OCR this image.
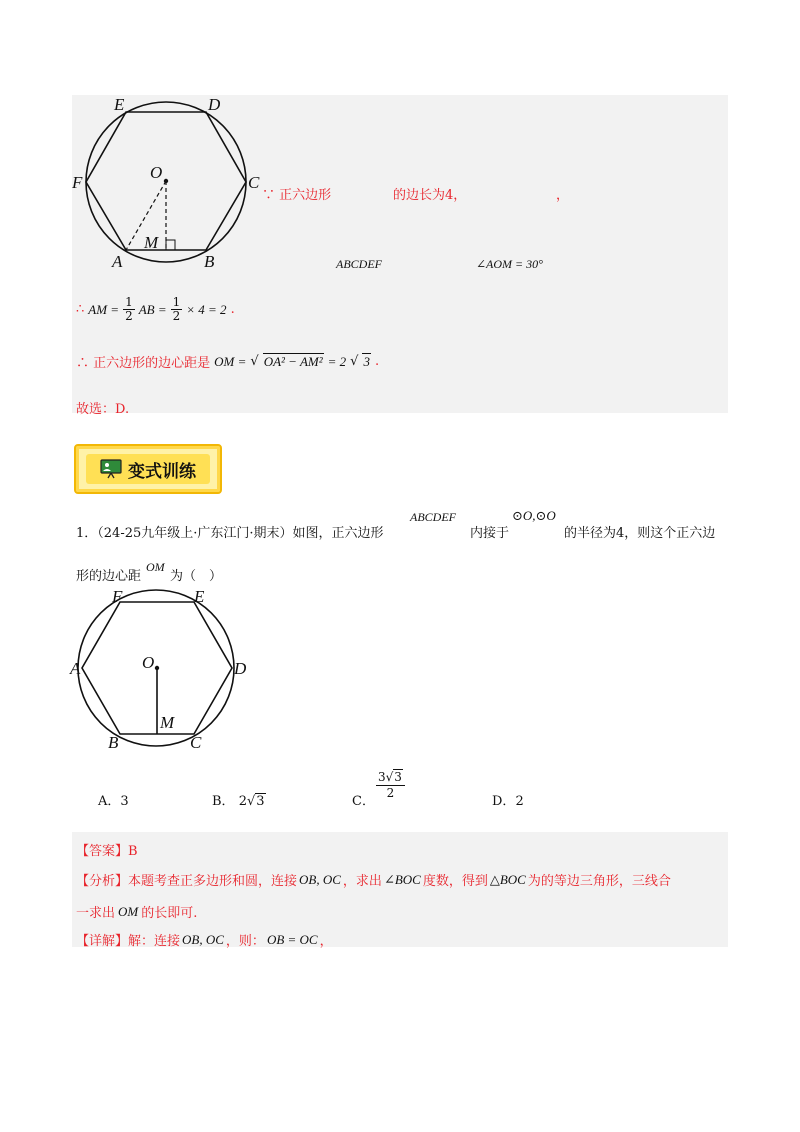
E	D
F	C
O
M
A	B
∵ 正六边形	的边长为4，	，
ABCDEF	∠AOM = 30°
∴ AM = $\frac{1}{2}$ AB = $\frac{1}{2} \times 4 = 2$ .
∴ 正六边形的边心距是 OM = √ OA² − AM² = 2 √ 3 .
故选：D.
变式训练
1．（24-25九年级上·广东江门·期末）如图，正六边形
ABCDEF
内接于
⊙O,⊙O
的半径为4，则这个正六边
形的边心距
OM
为（　）
F	E
A	D
O
M
B	C
A．3	B． 2√3	C．
3√3
2
D．2
【答案】B
【分析】 本题考查正多边形和圆，连接 OB, OC ，求出 ∠BOC 度数，得到 △BOC 为的等边三角形，三线合
一求出 OM 的长即可.
【详解】 解：连接 OB, OC ，则： OB = OC ，
